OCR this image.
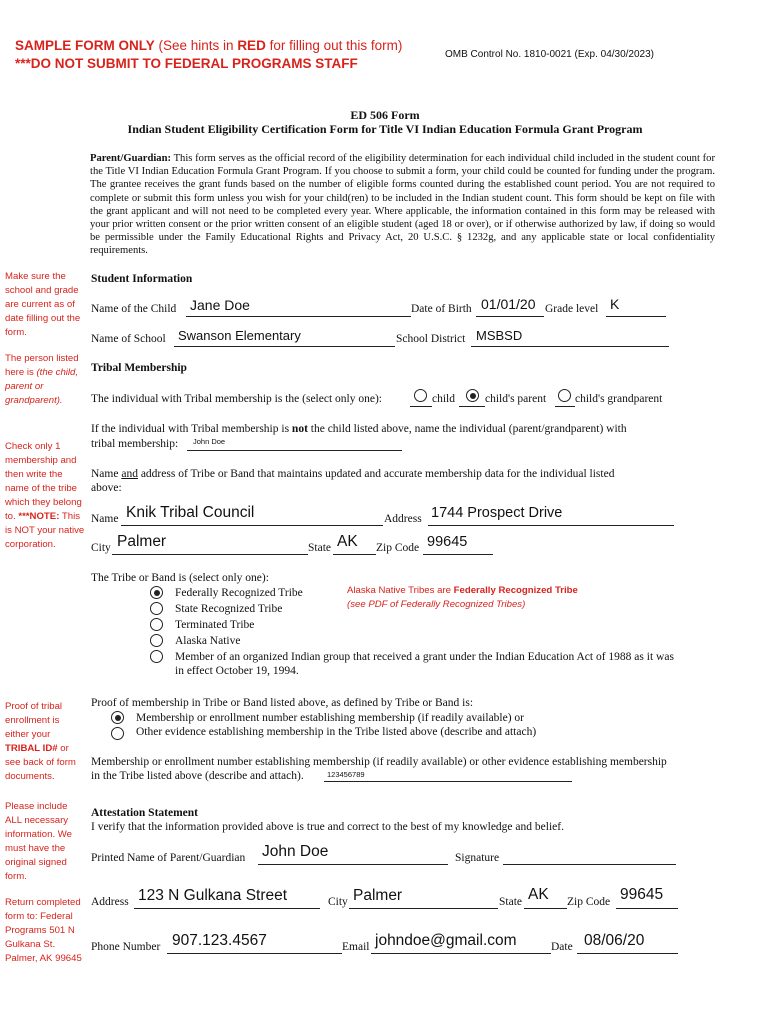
SAMPLE FORM ONLY (See hints in RED for filling out this form)
***DO NOT SUBMIT TO FEDERAL PROGRAMS STAFF
OMB Control No. 1810-0021 (Exp. 04/30/2023)
ED 506 Form
Indian Student Eligibility Certification Form for Title VI Indian Education Formula Grant Program
Parent/Guardian: This form serves as the official record of the eligibility determination for each individual child included in the student count for the Title VI Indian Education Formula Grant Program. If you choose to submit a form, your child could be counted for funding under the program. The grantee receives the grant funds based on the number of eligible forms counted during the established count period. You are not required to complete or submit this form unless you wish for your child(ren) to be included in the Indian student count. This form should be kept on file with the grant applicant and will not need to be completed every year. Where applicable, the information contained in this form may be released with your prior written consent or the prior written consent of an eligible student (aged 18 or over), or if otherwise authorized by law, if doing so would be permissible under the Family Educational Rights and Privacy Act, 20 U.S.C. § 1232g, and any applicable state or local confidentiality requirements.
Make sure the school and grade are current as of date filling out the form.
The person listed here is (the child, parent or grandparent).
Check only 1 membership and then write the name of the tribe which they belong to. ***NOTE: This is NOT your native corporation.
Proof of tribal enrollment is either your TRIBAL ID# or see back of form documents.
Please include ALL necessary information. We must have the original signed form.
Return completed form to: Federal Programs 501 N Gulkana St. Palmer, AK 99645
Student Information
Name of the Child Jane Doe	Date of Birth 01/01/20 Grade level K
Name of School Swanson Elementary	School District MSBSD
Tribal Membership
The individual with Tribal membership is the (select only one):	child	child's parent	child's grandparent
If the individual with Tribal membership is not the child listed above, name the individual (parent/grandparent) with
tribal membership: John Doe
Name and address of Tribe or Band that maintains updated and accurate membership data for the individual listed
above:
Name Knik Tribal Council	Address 1744 Prospect Drive
City Palmer	State AK Zip Code 99645
The Tribe or Band is (select only one):
Federally Recognized Tribe
State Recognized Tribe
Terminated Tribe
Alaska Native
Member of an organized Indian group that received a grant under the Indian Education Act of 1988 as it was
in effect October 19, 1994.
Alaska Native Tribes are Federally Recognized Tribe
(see PDF of Federally Recognized Tribes)
Proof of membership in Tribe or Band listed above, as defined by Tribe or Band is:
Membership or enrollment number establishing membership (if readily available) or
Other evidence establishing membership in the Tribe listed above (describe and attach)
Membership or enrollment number establishing membership (if readily available) or other evidence establishing membership
in the Tribe listed above (describe and attach).	123456789
Attestation Statement
I verify that the information provided above is true and correct to the best of my knowledge and belief.
Printed Name of Parent/Guardian John Doe	Signature
Address 123 N Gulkana Street	City Palmer	State AK Zip Code 99645
Phone Number 907.123.4567	Email johndoe@gmail.com	Date 08/06/20
